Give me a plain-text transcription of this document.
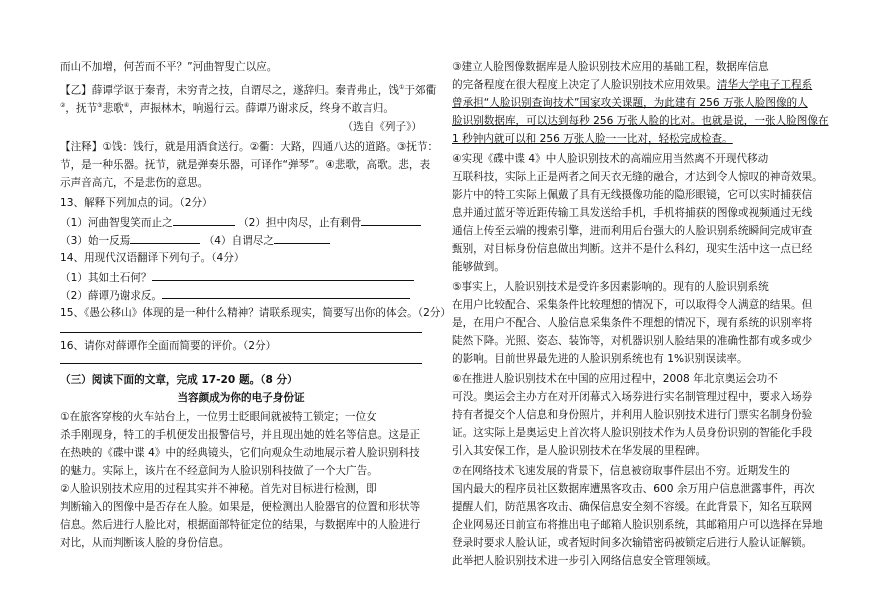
而山不加增，何苦而不平？”河曲智叟亡以应。
【乙】薛谭学讴于秦青，未穷青之技，自谓尽之，遂辞归。秦青弗止，饯①于郊衢
②，抚节③悲歌④，声振林木，响遏行云。薛谭乃谢求反，终身不敢言归。
（选自《列子》）
【注释】①饯：饯行，就是用酒食送行。②衢：大路，四通八达的道路。③抚节：
节，是一种乐器。抚节，就是弹奏乐器，可译作“弹琴”。④悲歌，高歌。悲，表
示声音高亢，不是悲伤的意思。
13、解释下列加点的词。（2分）
（1）河曲智叟笑而止之	（2）担中肉尽，止有剩骨
（3）始一反焉	（4）自谓尽之
14、用现代汉语翻译下列句子。（4分）
（1）其如土石何？
（2）薛谭乃谢求反。
15、《愚公移山》体现的是一种什么精神？请联系现实，简要写出你的体会。（2分）
16、请你对薛谭作全面而简要的评价。（2分）
（三）阅读下面的文章，完成 17-20 题。（8 分）
当容颜成为你的电子身份证
①在旅客穿梭的火车站台上，一位男士眨眼间就被特工锁定；一位女
杀手刚现身，特工的手机便发出报警信号，并且现出她的姓名等信息。这是正
在热映的《碟中谍 4》中的经典镜头，它们向观众生动地展示着人脸识别科技
的魅力。实际上，该片在不经意间为人脸识别科技做了一个大广告。
②人脸识别技术应用的过程其实并不神秘。首先对目标进行检测，即
判断输入的图像中是否存在人脸。如果是，便检测出人脸器官的位置和形状等
信息。然后进行人脸比对，根据面部特征定位的结果，与数据库中的人脸进行
对比，从而判断该人脸的身份信息。
③建立人脸图像数据库是人脸识别技术应用的基础工程，数据库信息
的完备程度在很大程度上决定了人脸识别技术应用效果。清华大学电子工程系
曾承担“人脸识别查询技术”国家攻关课题，为此建有 256 万张人脸图像的人
脸识别数据库，可以达到每秒 256 万张人脸的比对。也就是说，一张人脸图像在
1 秒钟内就可以和 256 万张人脸一一比对，轻松完成检查。
④实现《碟中谍 4》中人脸识别技术的高端应用当然离不开现代移动
互联科技，实际上正是两者之间天衣无缝的融合，才达到令人惊叹的神奇效果。
影片中的特工实际上佩戴了具有无线摄像功能的隐形眼镜，它可以实时捕获信
息并通过蓝牙等近距传输工具发送给手机，手机将捕获的图像或视频通过无线
通信上传至云端的搜索引擎，进而利用后台强大的人脸识别系统瞬间完成审查
甄别，对目标身份信息做出判断。这并不是什么科幻，现实生活中这一点已经
能够做到。
⑤事实上，人脸识别技术是受许多因素影响的。现有的人脸识别系统
在用户比较配合、采集条件比较理想的情况下，可以取得令人满意的结果。但
是，在用户不配合、人脸信息采集条件不理想的情况下，现有系统的识别率将
陡然下降。光照、姿态、装饰等，对机器识别人脸结果的准确性都有或多或少
的影响。目前世界最先进的人脸识别系统也有 1%识别误读率。
⑥在推进人脸识别技术在中国的应用过程中，2008 年北京奥运会功不
可没。奥运会主办方在对开闭幕式入场券进行实名制管理过程中，要求入场券
持有者提交个人信息和身份照片，并利用人脸识别技术进行门票实名制身份验
证。这实际上是奥运史上首次将人脸识别技术作为人员身份识别的智能化手段
引入其安保工作，是人脸识别技术在华发展的里程碑。
⑦在网络技术飞速发展的背景下，信息被窃取事件层出不穷。近期发生的
国内最大的程序员社区数据库遭黑客攻击、600 余万用户信息泄露事件，再次
提醒人们，防范黑客攻击、确保信息安全刻不容缓。在此背景下，知名互联网
企业网易还日前宣布将推出电子邮箱人脸识别系统，其邮箱用户可以选择在异地
登录时要求人脸认证，或者短时间多次输错密码被锁定后进行人脸认证解锁。
此举把人脸识别技术进一步引入网络信息安全管理领域。
